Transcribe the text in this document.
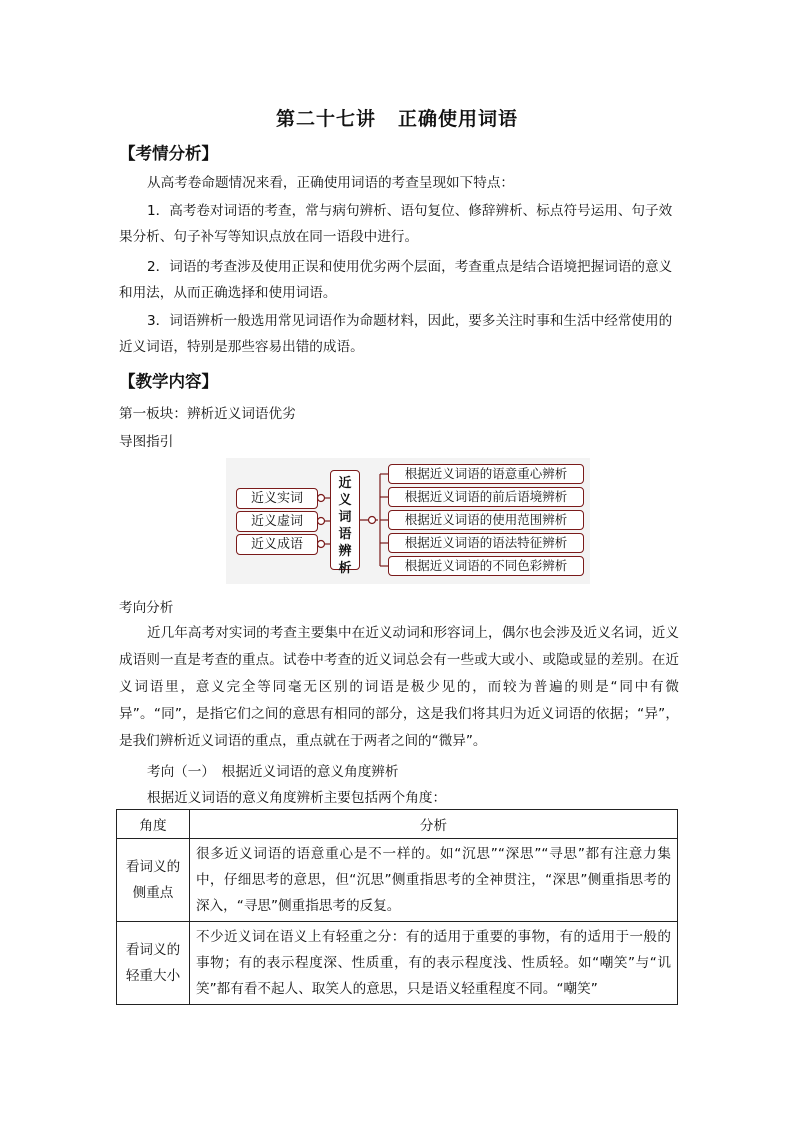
第二十七讲 正确使用词语
【考情分析】
从高考卷命题情况来看，正确使用词语的考查呈现如下特点：
1．高考卷对词语的考查，常与病句辨析、语句复位、修辞辨析、标点符号运用、句子效果分析、句子补写等知识点放在同一语段中进行。
2．词语的考查涉及使用正误和使用优劣两个层面，考查重点是结合语境把握词语的意义和用法，从而正确选择和使用词语。
3．词语辨析一般选用常见词语作为命题材料，因此，要多关注时事和生活中经常使用的近义词语，特别是那些容易出错的成语。
【教学内容】
第一板块：辨析近义词语优劣
导图指引
近义实词
近义虚词
近义成语
近
义
词
语
辨
析
根据近义词语的语意重心辨析
根据近义词语的前后语境辨析
根据近义词语的使用范围辨析
根据近义词语的语法特征辨析
根据近义词语的不同色彩辨析
考向分析
近几年高考对实词的考查主要集中在近义动词和形容词上，偶尔也会涉及近义名词，近义成语则一直是考查的重点。试卷中考查的近义词总会有一些或大或小、或隐或显的差别。在近义词语里，意义完全等同毫无区别的词语是极少见的，而较为普遍的则是“同中有微异”。“同”，是指它们之间的意思有相同的部分，这是我们将其归为近义词语的依据；“异”，是我们辨析近义词语的重点，重点就在于两者之间的“微异”。
考向（一）　根据近义词语的意义角度辨析
根据近义词语的意义角度辨析主要包括两个角度：
角度	分析

看词义的
侧重点	很多近义词语的语意重心是不一样的。如“沉思”“深思”“寻思”都有注意力集中，仔细思考的意思，但“沉思”侧重指思考的全神贯注，“深思”侧重指思考的深入，“寻思”侧重指思考的反复。

看词义的
轻重大小	不少近义词在语义上有轻重之分：有的适用于重要的事物，有的适用于一般的事物；有的表示程度深、性质重，有的表示程度浅、性质轻。如“嘲笑”与“讥笑”都有看不起人、取笑人的意思，只是语义轻重程度不同。“嘲笑”
